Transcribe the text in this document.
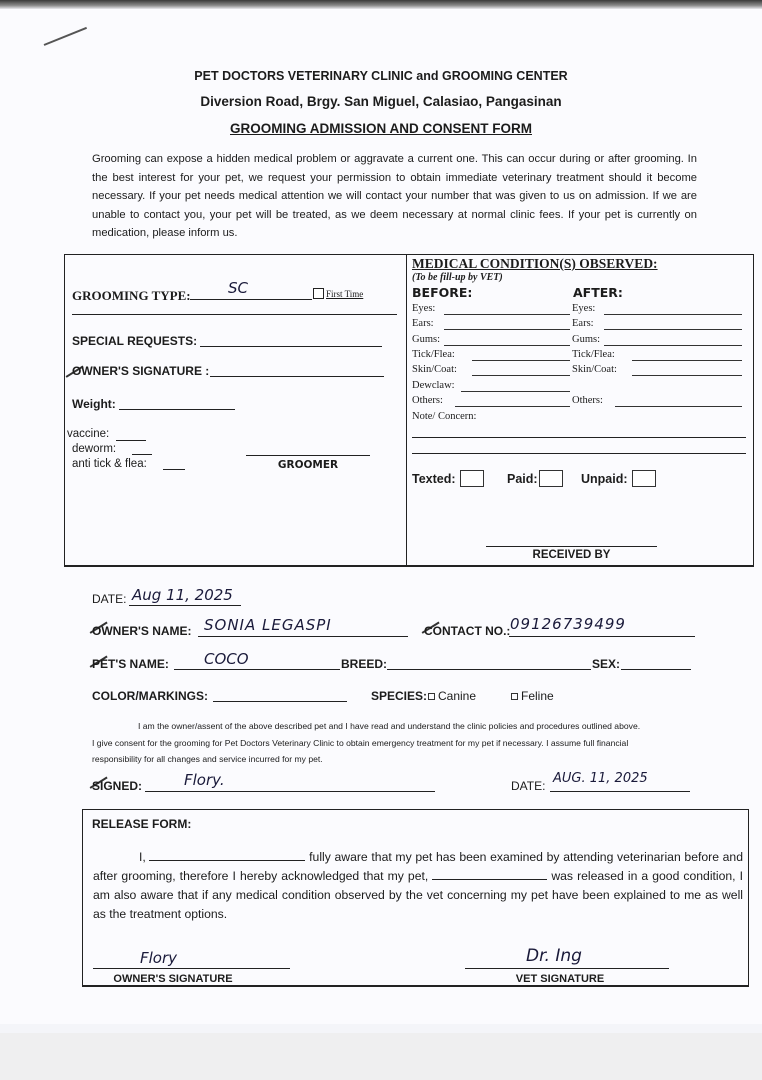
PET DOCTORS VETERINARY CLINIC and GROOMING CENTER
Diversion Road, Brgy. San Miguel, Calasiao, Pangasinan
GROOMING ADMISSION AND CONSENT FORM
Grooming can expose a hidden medical problem or aggravate a current one. This can occur during or after grooming. In the best interest for your pet, we request your permission to obtain immediate veterinary treatment should it become necessary. If your pet needs medical attention we will contact your number that was given to us on admission. If we are unable to contact you, your pet will be treated, as we deem necessary at normal clinic fees. If your pet is currently on medication, please inform us.
GROOMING TYPE: SC	First Time
SPECIAL REQUESTS:
OWNER'S SIGNATURE :
Weight:
vaccine:
deworm:
anti tick & flea:	GROOMER
MEDICAL CONDITION(S) OBSERVED:
(To be fill-up by VET)
BEFORE:	AFTER:
Eyes:	Eyes:
Ears:	Ears:
Gums:	Gums:
Tick/Flea:	Tick/Flea:
Skin/Coat:	Skin/Coat:
Dewclaw:
Others:	Others:
Note/ Concern:
Texted:	Paid:	Unpaid:
RECEIVED BY
DATE: Aug 11, 2025
OWNER'S NAME: SONIA LEGASPI	CONTACT NO.: 09126739499
PET'S NAME: COCO	BREED:	SEX:
COLOR/MARKINGS:	SPECIES: Canine	Feline
I am the owner/assent of the above described pet and I have read and understand the clinic policies and procedures outlined above.
I give consent for the grooming for Pet Doctors Veterinary Clinic to obtain emergency treatment for my pet if necessary. I assume full financial
responsibility for all changes and service incurred for my pet.
SIGNED:	Flory.	DATE: AUG. 11, 2025
RELEASE FORM:
I,	fully aware that my pet has been examined by attending veterinarian before and after grooming, therefore I hereby acknowledged that my pet,	was released in a good condition, I am also aware that if any medical condition observed by the vet concerning my pet have been explained to me as well as the treatment options.
Flory
OWNER'S SIGNATURE
Dr. Ing
VET SIGNATURE
